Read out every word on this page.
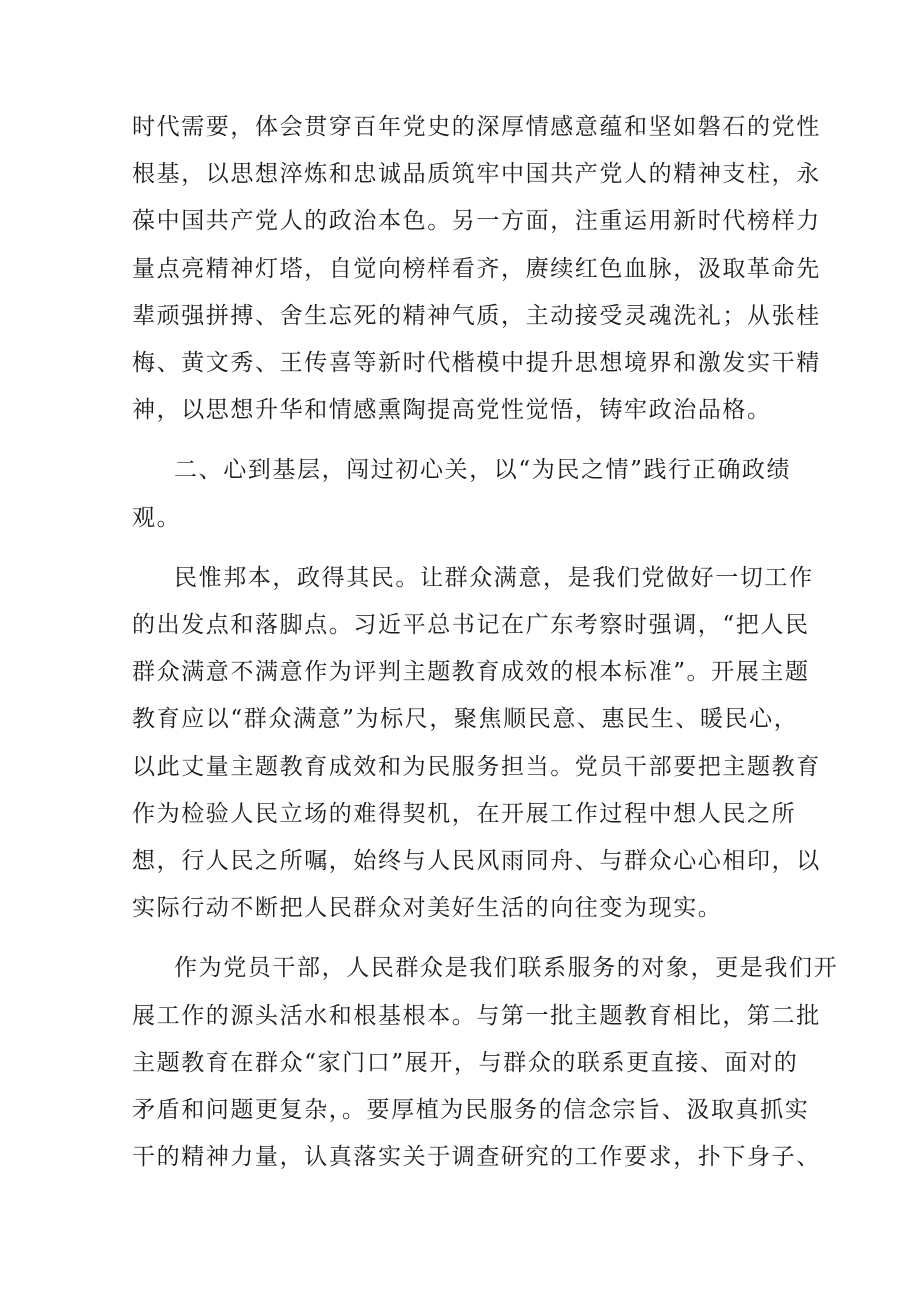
时代需要，体会贯穿百年党史的深厚情感意蕴和坚如磐石的党性
根基，以思想淬炼和忠诚品质筑牢中国共产党人的精神支柱，永
葆中国共产党人的政治本色。另一方面，注重运用新时代榜样力
量点亮精神灯塔，自觉向榜样看齐，赓续红色血脉，汲取革命先
辈顽强拼搏、舍生忘死的精神气质，主动接受灵魂洗礼；从张桂
梅、黄文秀、王传喜等新时代楷模中提升思想境界和激发实干精
神，以思想升华和情感熏陶提高党性觉悟，铸牢政治品格。

二、心到基层，闯过初心关，以“为民之情”践行正确政绩
观。

民惟邦本，政得其民。让群众满意，是我们党做好一切工作
的出发点和落脚点。习近平总书记在广东考察时强调，“把人民
群众满意不满意作为评判主题教育成效的根本标准”。开展主题
教育应以“群众满意”为标尺，聚焦顺民意、惠民生、暖民心，
以此丈量主题教育成效和为民服务担当。党员干部要把主题教育
作为检验人民立场的难得契机，在开展工作过程中想人民之所
想，行人民之所嘱，始终与人民风雨同舟、与群众心心相印，以
实际行动不断把人民群众对美好生活的向往变为现实。

作为党员干部，人民群众是我们联系服务的对象，更是我们开
展工作的源头活水和根基根本。与第一批主题教育相比，第二批
主题教育在群众“家门口”展开，与群众的联系更直接、面对的
矛盾和问题更复杂，。要厚植为民服务的信念宗旨、汲取真抓实
干的精神力量，认真落实关于调查研究的工作要求，扑下身子、
